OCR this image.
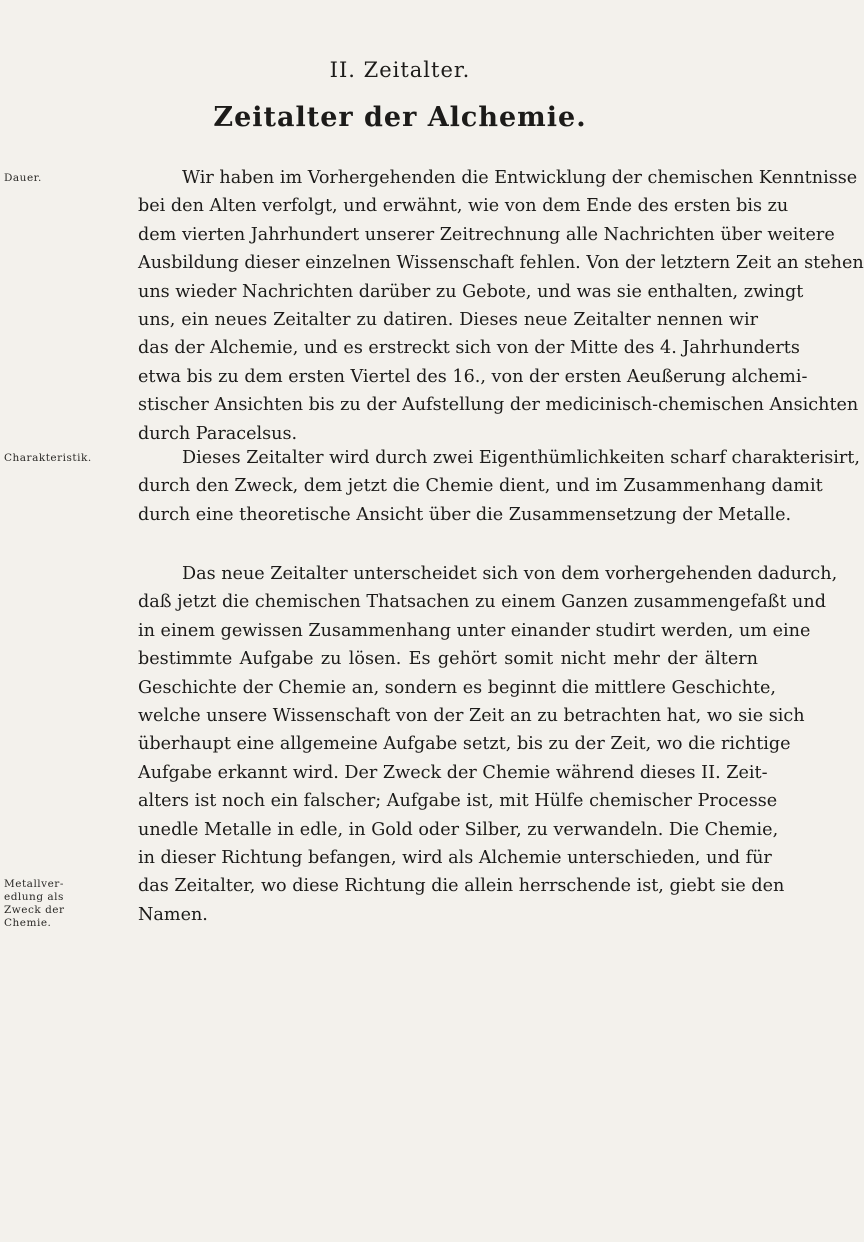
II. Zeitalter.
Zeitalter der Alchemie.
Dauer.
Charakteristik.
Metallver-
edlung als
Zweck der
Chemie.
Wir haben im Vorhergehenden die Entwicklung der chemischen Kenntnisse
bei den Alten verfolgt, und erwähnt, wie von dem Ende des ersten bis zu
dem vierten Jahrhundert unserer Zeitrechnung alle Nachrichten über weitere
Ausbildung dieser einzelnen Wissenschaft fehlen. Von der letztern Zeit an stehen
uns wieder Nachrichten darüber zu Gebote, und was sie enthalten, zwingt
uns, ein neues Zeitalter zu datiren. Dieses neue Zeitalter nennen wir
das der Alchemie, und es erstreckt sich von der Mitte des 4. Jahrhunderts
etwa bis zu dem ersten Viertel des 16., von der ersten Aeußerung alchemi-
stischer Ansichten bis zu der Aufstellung der medicinisch-chemischen Ansichten
durch Paracelsus.
Dieses Zeitalter wird durch zwei Eigenthümlichkeiten scharf charakterisirt,
durch den Zweck, dem jetzt die Chemie dient, und im Zusammenhang damit
durch eine theoretische Ansicht über die Zusammensetzung der Metalle.
Das neue Zeitalter unterscheidet sich von dem vorhergehenden dadurch,
daß jetzt die chemischen Thatsachen zu einem Ganzen zusammengefaßt und
in einem gewissen Zusammenhang unter einander studirt werden, um eine
bestimmte Aufgabe zu lösen. Es gehört somit nicht mehr der ältern
Geschichte der Chemie an, sondern es beginnt die mittlere Geschichte,
welche unsere Wissenschaft von der Zeit an zu betrachten hat, wo sie sich
überhaupt eine allgemeine Aufgabe setzt, bis zu der Zeit, wo die richtige
Aufgabe erkannt wird. Der Zweck der Chemie während dieses II. Zeit-
alters ist noch ein falscher; Aufgabe ist, mit Hülfe chemischer Processe
unedle Metalle in edle, in Gold oder Silber, zu verwandeln. Die Chemie,
in dieser Richtung befangen, wird als Alchemie unterschieden, und für
das Zeitalter, wo diese Richtung die allein herrschende ist, giebt sie den
Namen.
